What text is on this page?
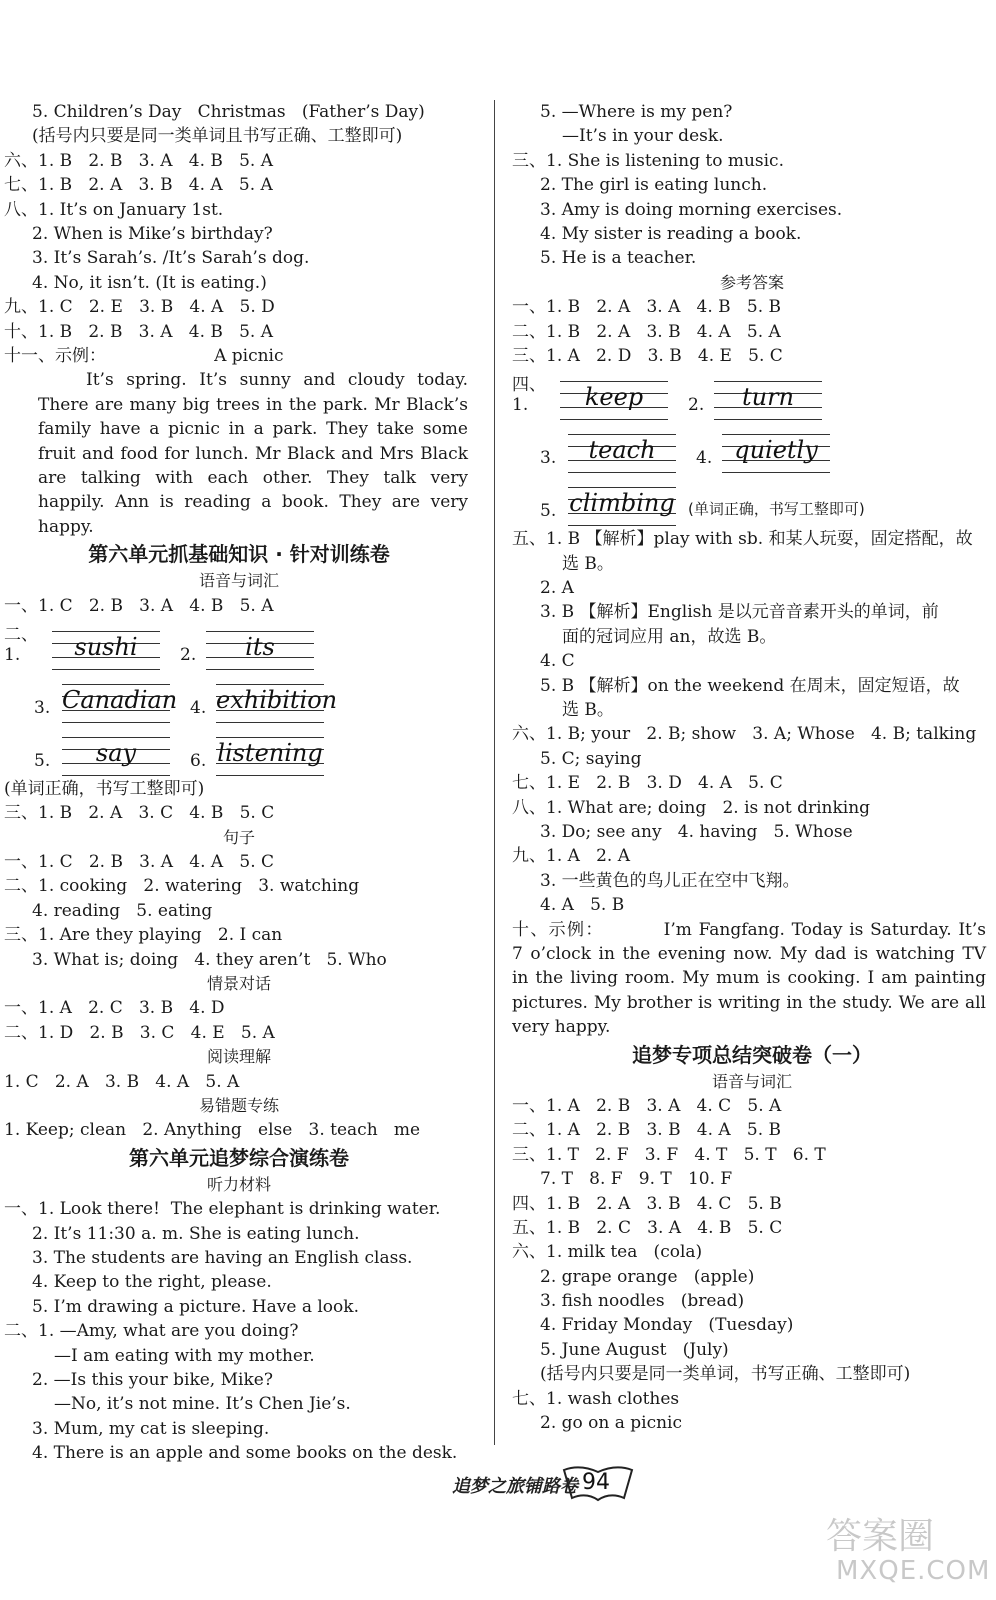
5. Children’s Day   Christmas   (Father’s Day)
(括号内只要是同一类单词且书写正确、工整即可)
六、1. B   2. B   3. A   4. B   5. A
七、1. B   2. A   3. B   4. A   5. A
八、1. It’s on January 1st.
2. When is Mike’s birthday?
3. It’s Sarah’s. /It’s Sarah’s dog.
4. No, it isn’t. (It is eating.)
九、1. C   2. E   3. B   4. A   5. D
十、1. B   2. B   3. A   4. B   5. A
十一、示例：                    A picnic
It’s spring. It’s sunny and cloudy today. There are many big trees in the park. Mr Black’s family have a picnic in a park. They take some fruit and food for lunch. Mr Black and Mrs Black are talking with each other. They talk very happily. Ann is reading a book. They are very happy.
第六单元抓基础知识 · 针对训练卷
语音与词汇
一、1. C   2. B   3. A   4. B   5. A
二、1.	sushi	2.	its
3. Canadian 4. exhibition
5.	say	6. listening
(单词正确，书写工整即可)
三、1. B   2. A   3. C   4. B   5. C
句子
一、1. C   2. B   3. A   4. A   5. C
二、1. cooking   2. watering   3. watching
4. reading   5. eating
三、1. Are they playing   2. I can
3. What is; doing   4. they aren’t   5. Who
情景对话
一、1. A   2. C   3. B   4. D
二、1. D   2. B   3. C   4. E   5. A
阅读理解
1. C   2. A   3. B   4. A   5. A
易错题专练
1. Keep; clean   2. Anything   else   3. teach   me
第六单元追梦综合演练卷
听力材料
一、1. Look there!  The elephant is drinking water.
2. It’s 11:30 a. m. She is eating lunch.
3. The students are having an English class.
4. Keep to the right, please.
5. I’m drawing a picture. Have a look.
二、1. —Amy, what are you doing?
—I am eating with my mother.
2. —Is this your bike, Mike?
—No, it’s not mine. It’s Chen Jie’s.
3. Mum, my cat is sleeping.
4. There is an apple and some books on the desk.
5. —Where is my pen?
—It’s in your desk.
三、1. She is listening to music.
2. The girl is eating lunch.
3. Amy is doing morning exercises.
4. My sister is reading a book.
5. He is a teacher.
参考答案
一、1. B   2. A   3. A   4. B   5. B
二、1. B   2. A   3. B   4. A   5. A
三、1. A   2. D   3. B   4. E   5. C
四、1.	keep	2.	turn
3.	teach	4. quietly
5. climbing (单词正确，书写工整即可)
五、1. B 【解析】play with sb. 和某人玩耍，固定搭配，故
选 B。
2. A
3. B 【解析】English 是以元音音素开头的单词，前
面的冠词应用 an，故选 B。
4. C
5. B 【解析】on the weekend 在周末，固定短语，故
选 B。
六、1. B; your   2. B; show   3. A; Whose   4. B; talking
5. C; saying
七、1. E   2. B   3. D   4. A   5. C
八、1. What are; doing   2. is not drinking
3. Do; see any   4. having   5. Whose
九、1. A   2. A
3. 一些黄色的鸟儿正在空中飞翔。
4. A   5. B
十、示例：	I’m Fangfang. Today is Saturday. It’s 7 o’clock in the evening now. My dad is watching TV in the living room. My mum is cooking. I am painting pictures. My brother is writing in the study. We are all very happy.
追梦专项总结突破卷（一）
语音与词汇
一、1. A   2. B   3. A   4. C   5. A
二、1. A   2. B   3. B   4. A   5. B
三、1. T   2. F   3. F   4. T   5. T   6. T
7. T   8. F   9. T   10. F
四、1. B   2. A   3. B   4. C   5. B
五、1. B   2. C   3. A   4. B   5. C
六、1. milk tea   (cola)
2. grape orange   (apple)
3. fish noodles   (bread)
4. Friday Monday   (Tuesday)
5. June August   (July)
(括号内只要是同一类单词，书写正确、工整即可)
七、1. wash clothes
2. go on a picnic
追梦之旅铺路卷 94
答案圈
MXQE.COM
